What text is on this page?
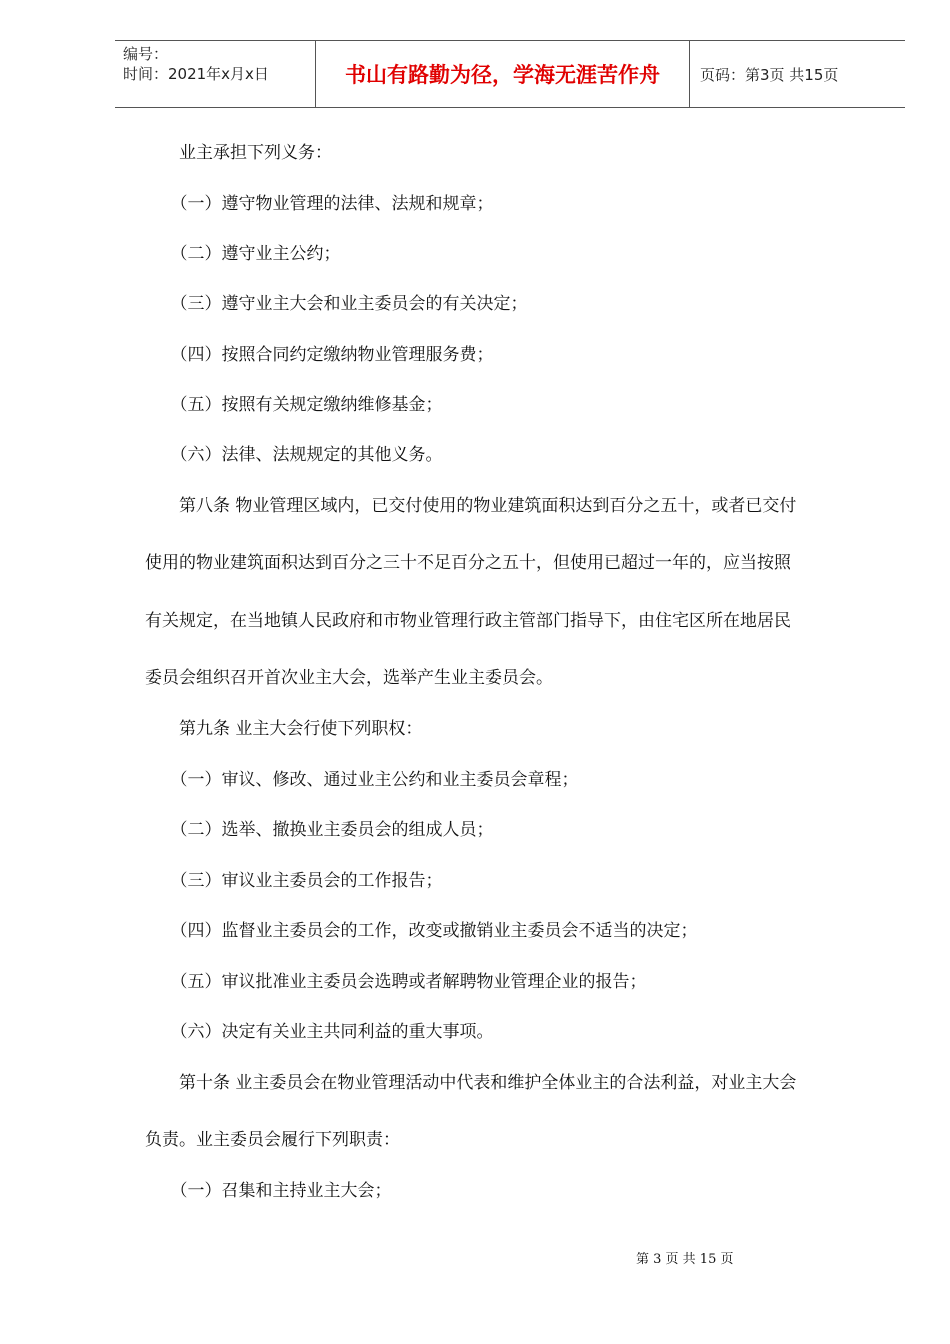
编号：
时间：2021年x月x日	书山有路勤为径，学海无涯苦作舟	页码：第3页 共15页
　　业主承担下列义务：
　　（一）遵守物业管理的法律、法规和规章；
　　（二）遵守业主公约；
　　（三）遵守业主大会和业主委员会的有关决定；
　　（四）按照合同约定缴纳物业管理服务费；
　　（五）按照有关规定缴纳维修基金；
　　（六）法律、法规规定的其他义务。
　　第八条 物业管理区域内，已交付使用的物业建筑面积达到百分之五十，或者已交付
使用的物业建筑面积达到百分之三十不足百分之五十，但使用已超过一年的，应当按照
有关规定，在当地镇人民政府和市物业管理行政主管部门指导下，由住宅区所在地居民
委员会组织召开首次业主大会，选举产生业主委员会。
　　第九条 业主大会行使下列职权：
　　（一）审议、修改、通过业主公约和业主委员会章程；
　　（二）选举、撤换业主委员会的组成人员；
　　（三）审议业主委员会的工作报告；
　　（四）监督业主委员会的工作，改变或撤销业主委员会不适当的决定；
　　（五）审议批准业主委员会选聘或者解聘物业管理企业的报告；
　　（六）决定有关业主共同利益的重大事项。
　　第十条 业主委员会在物业管理活动中代表和维护全体业主的合法利益，对业主大会
负责。业主委员会履行下列职责：
　　（一）召集和主持业主大会；
第 3 页 共 15 页
